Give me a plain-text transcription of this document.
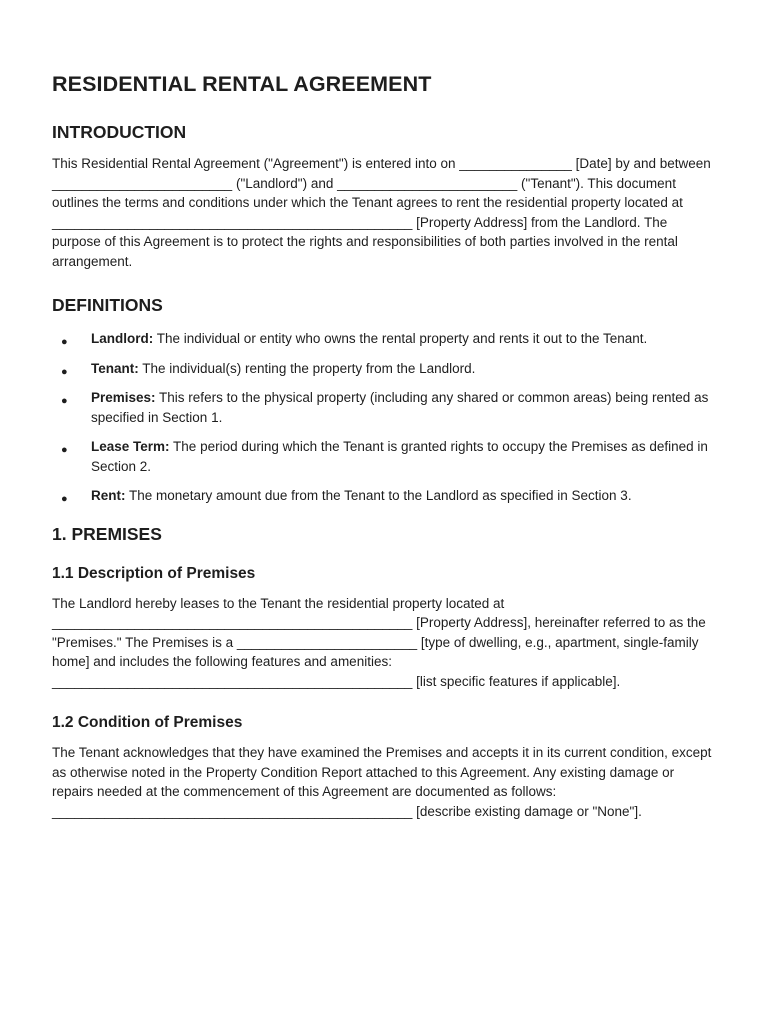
RESIDENTIAL RENTAL AGREEMENT
INTRODUCTION

This Residential Rental Agreement ("Agreement") is entered into on _______________ [Date] by and between ________________________ ("Landlord") and ________________________ ("Tenant"). This document outlines the terms and conditions under which the Tenant agrees to rent the residential property located at ________________________________________________ [Property Address] from the Landlord. The purpose of this Agreement is to protect the rights and responsibilities of both parties involved in the rental arrangement.

DEFINITIONS
● Landlord: The individual or entity who owns the rental property and rents it out to the Tenant.
● Tenant: The individual(s) renting the property from the Landlord.
● Premises: This refers to the physical property (including any shared or common areas) being rented as specified in Section 1.
● Lease Term: The period during which the Tenant is granted rights to occupy the Premises as defined in Section 2.
● Rent: The monetary amount due from the Tenant to the Landlord as specified in Section 3.
1. PREMISES
1.1 Description of Premises

The Landlord hereby leases to the Tenant the residential property located at ________________________________________________ [Property Address], hereinafter referred to as the "Premises." The Premises is a ________________________ [type of dwelling, e.g., apartment, single-family home] and includes the following features and amenities: ________________________________________________ [list specific features if applicable].

1.2 Condition of Premises

The Tenant acknowledges that they have examined the Premises and accepts it in its current condition, except as otherwise noted in the Property Condition Report attached to this Agreement. Any existing damage or repairs needed at the commencement of this Agreement are documented as follows: ________________________________________________ [describe existing damage or "None"].
